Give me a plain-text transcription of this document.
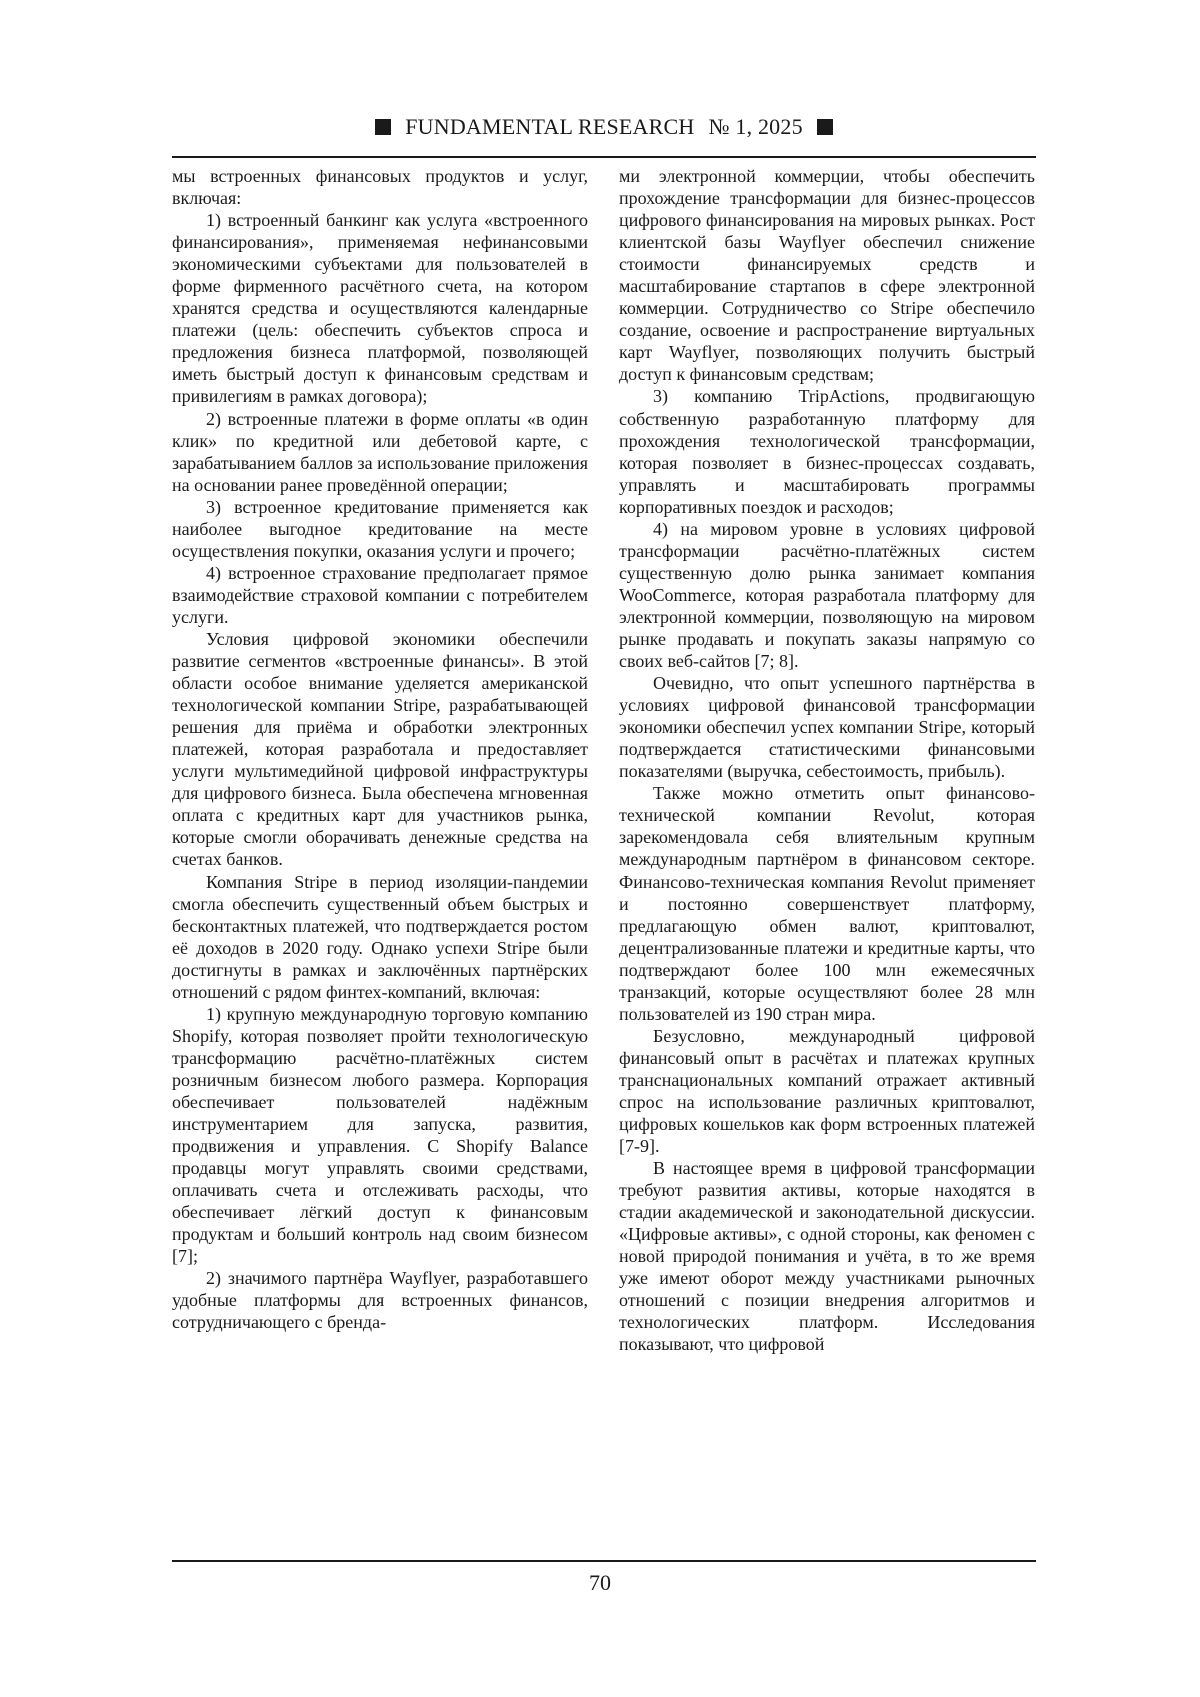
FUNDAMENTAL RESEARCH № 1, 2025

мы встроенных финансовых продуктов и услуг, включая:

1) встроенный банкинг как услуга «встроенного финансирования», применяемая нефинансовыми экономическими субъектами для пользователей в форме фирменного расчётного счета, на котором хранятся средства и осуществляются календарные платежи (цель: обеспечить субъектов спроса и предложения бизнеса платформой, позволяющей иметь быстрый доступ к финансовым средствам и привилегиям в рамках договора);

2) встроенные платежи в форме оплаты «в один клик» по кредитной или дебетовой карте, с зарабатыванием баллов за использование приложения на основании ранее проведённой операции;

3) встроенное кредитование применяется как наиболее выгодное кредитование на месте осуществления покупки, оказания услуги и прочего;

4) встроенное страхование предполагает прямое взаимодействие страховой компании с потребителем услуги.

Условия цифровой экономики обеспечили развитие сегментов «встроенные финансы». В этой области особое внимание уделяется американской технологической компании Stripe, разрабатывающей решения для приёма и обработки электронных платежей, которая разработала и предоставляет услуги мультимедийной цифровой инфраструктуры для цифрового бизнеса. Была обеспечена мгновенная оплата с кредитных карт для участников рынка, которые смогли оборачивать денежные средства на счетах банков.

Компания Stripe в период изоляции-пандемии смогла обеспечить существенный объем быстрых и бесконтактных платежей, что подтверждается ростом её доходов в 2020 году. Однако успехи Stripe были достигнуты в рамках и заключённых партнёрских отношений с рядом финтех-компаний, включая:

1) крупную международную торговую компанию Shopify, которая позволяет пройти технологическую трансформацию расчётно-платёжных систем розничным бизнесом любого размера. Корпорация обеспечивает пользователей надёжным инструментарием для запуска, развития, продвижения и управления. С Shopify Balance продавцы могут управлять своими средствами, оплачивать счета и отслеживать расходы, что обеспечивает лёгкий доступ к финансовым продуктам и больший контроль над своим бизнесом [7];

2) значимого партнёра Wayflyer, разработавшего удобные платформы для встроенных финансов, сотрудничающего с бренда-

ми электронной коммерции, чтобы обеспечить прохождение трансформации для бизнес-процессов цифрового финансирования на мировых рынках. Рост клиентской базы Wayflyer обеспечил снижение стоимости финансируемых средств и масштабирование стартапов в сфере электронной коммерции. Сотрудничество со Stripe обеспечило создание, освоение и распространение виртуальных карт Wayflyer, позволяющих получить быстрый доступ к финансовым средствам;

3) компанию TripActions, продвигающую собственную разработанную платформу для прохождения технологической трансформации, которая позволяет в бизнес-процессах создавать, управлять и масштабировать программы корпоративных поездок и расходов;

4) на мировом уровне в условиях цифровой трансформации расчётно-платёжных систем существенную долю рынка занимает компания WooCommerce, которая разработала платформу для электронной коммерции, позволяющую на мировом рынке продавать и покупать заказы напрямую со своих веб-сайтов [7; 8].

Очевидно, что опыт успешного партнёрства в условиях цифровой финансовой трансформации экономики обеспечил успех компании Stripe, который подтверждается статистическими финансовыми показателями (выручка, себестоимость, прибыль).

Также можно отметить опыт финансово-технической компании Revolut, которая зарекомендовала себя влиятельным крупным международным партнёром в финансовом секторе. Финансово-техническая компания Revolut применяет и постоянно совершенствует платформу, предлагающую обмен валют, криптовалют, децентрализованные платежи и кредитные карты, что подтверждают более 100 млн ежемесячных транзакций, которые осуществляют более 28 млн пользователей из 190 стран мира.

Безусловно, международный цифровой финансовый опыт в расчётах и платежах крупных транснациональных компаний отражает активный спрос на использование различных криптовалют, цифровых кошельков как форм встроенных платежей [7-9].

В настоящее время в цифровой трансформации требуют развития активы, которые находятся в стадии академической и законодательной дискуссии. «Цифровые активы», с одной стороны, как феномен с новой природой понимания и учёта, в то же время уже имеют оборот между участниками рыночных отношений с позиции внедрения алгоритмов и технологических платформ. Исследования показывают, что цифровой

70
